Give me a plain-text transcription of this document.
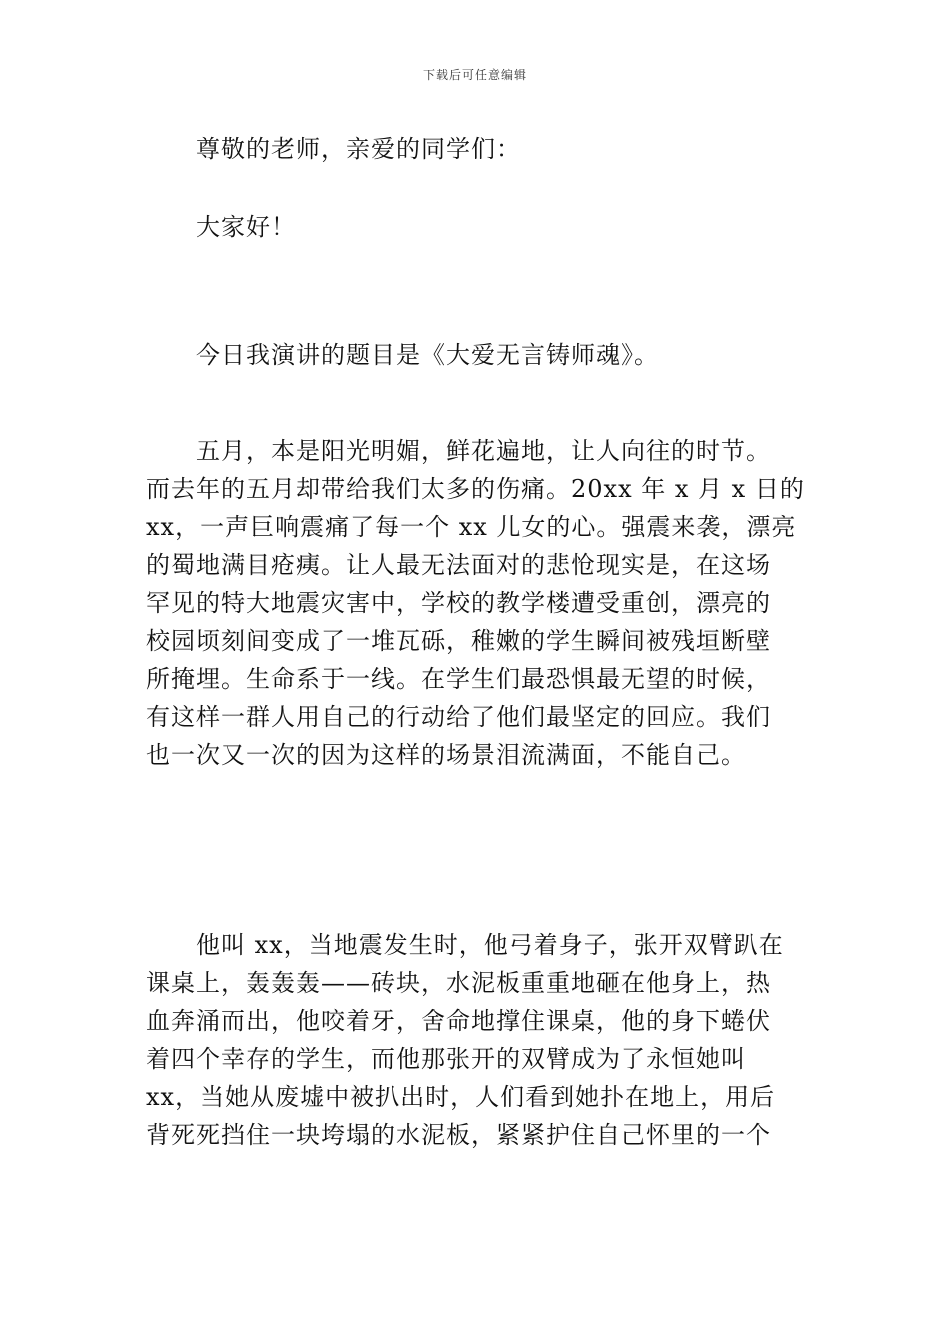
下载后可任意编辑
尊敬的老师，亲爱的同学们：
大家好！
今日我演讲的题目是《大爱无言铸师魂》。
五月，本是阳光明媚，鲜花遍地，让人向往的时节。
而去年的五月却带给我们太多的伤痛。20xx 年 x 月 x 日的
xx，一声巨响震痛了每一个 xx 儿女的心。强震来袭，漂亮
的蜀地满目疮痍。让人最无法面对的悲怆现实是，在这场
罕见的特大地震灾害中，学校的教学楼遭受重创，漂亮的
校园顷刻间变成了一堆瓦砾，稚嫩的学生瞬间被残垣断壁
所掩埋。生命系于一线。在学生们最恐惧最无望的时候，
有这样一群人用自己的行动给了他们最坚定的回应。我们
也一次又一次的因为这样的场景泪流满面，不能自己。
他叫 xx，当地震发生时，他弓着身子，张开双臂趴在
课桌上，轰轰轰——砖块，水泥板重重地砸在他身上，热
血奔涌而出，他咬着牙，舍命地撑住课桌，他的身下蜷伏
着四个幸存的学生，而他那张开的双臂成为了永恒她叫
xx，当她从废墟中被扒出时，人们看到她扑在地上，用后
背死死挡住一块垮塌的水泥板，紧紧护住自己怀里的一个
